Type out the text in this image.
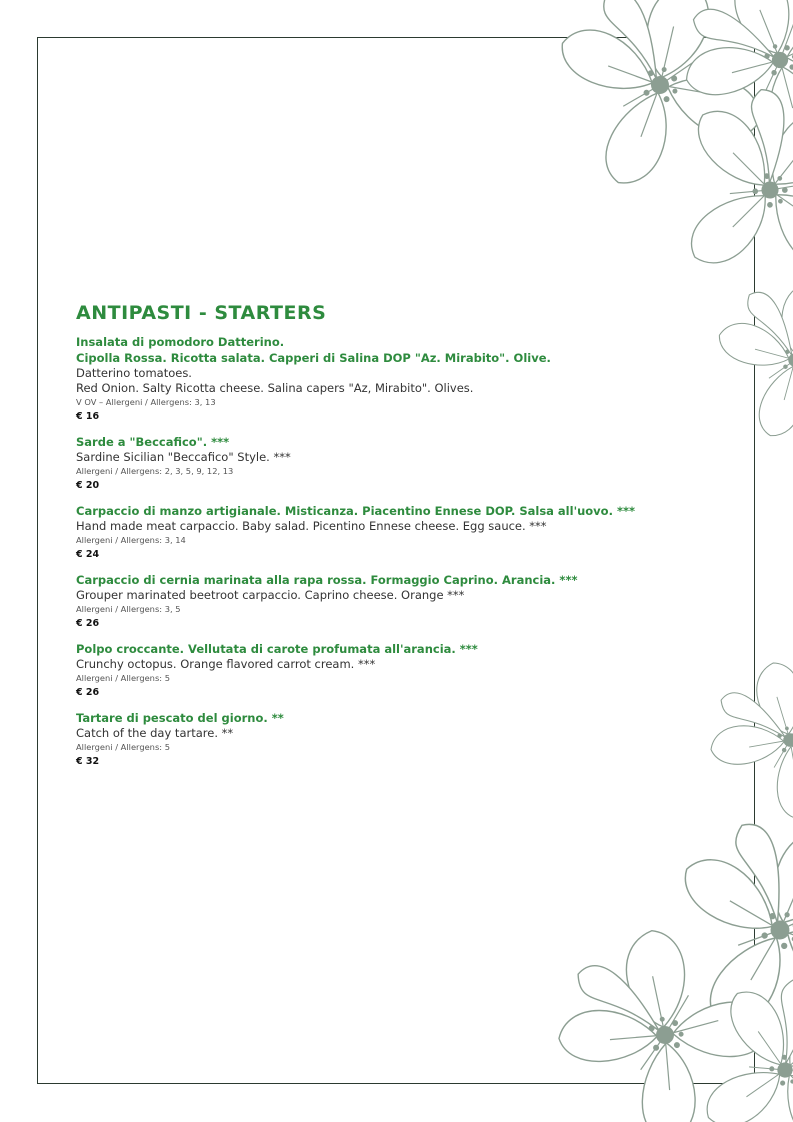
ANTIPASTI - STARTERS
Insalata di pomodoro Datterino.
Cipolla Rossa. Ricotta salata. Capperi di Salina DOP "Az. Mirabito". Olive.
Datterino tomatoes.
Red Onion. Salty Ricotta cheese. Salina capers "Az, Mirabito". Olives.
V OV – Allergeni / Allergens: 3, 13
€ 16
Sarde a "Beccafico". ***
Sardine Sicilian "Beccafico" Style. ***
Allergeni / Allergens: 2, 3, 5, 9, 12, 13
€ 20
Carpaccio di manzo artigianale. Misticanza. Piacentino Ennese DOP. Salsa all'uovo. ***
Hand made meat carpaccio. Baby salad. Picentino Ennese cheese. Egg sauce. ***
Allergeni / Allergens: 3, 14
€ 24
Carpaccio di cernia marinata alla rapa rossa. Formaggio Caprino. Arancia. ***
Grouper marinated beetroot carpaccio. Caprino cheese. Orange ***
Allergeni / Allergens: 3, 5
€ 26
Polpo croccante. Vellutata di carote profumata all'arancia. ***
Crunchy octopus. Orange flavored carrot cream. ***
Allergeni / Allergens: 5
€ 26
Tartare di pescato del giorno. **
Catch of the day tartare. **
Allergeni / Allergens: 5
€ 32
